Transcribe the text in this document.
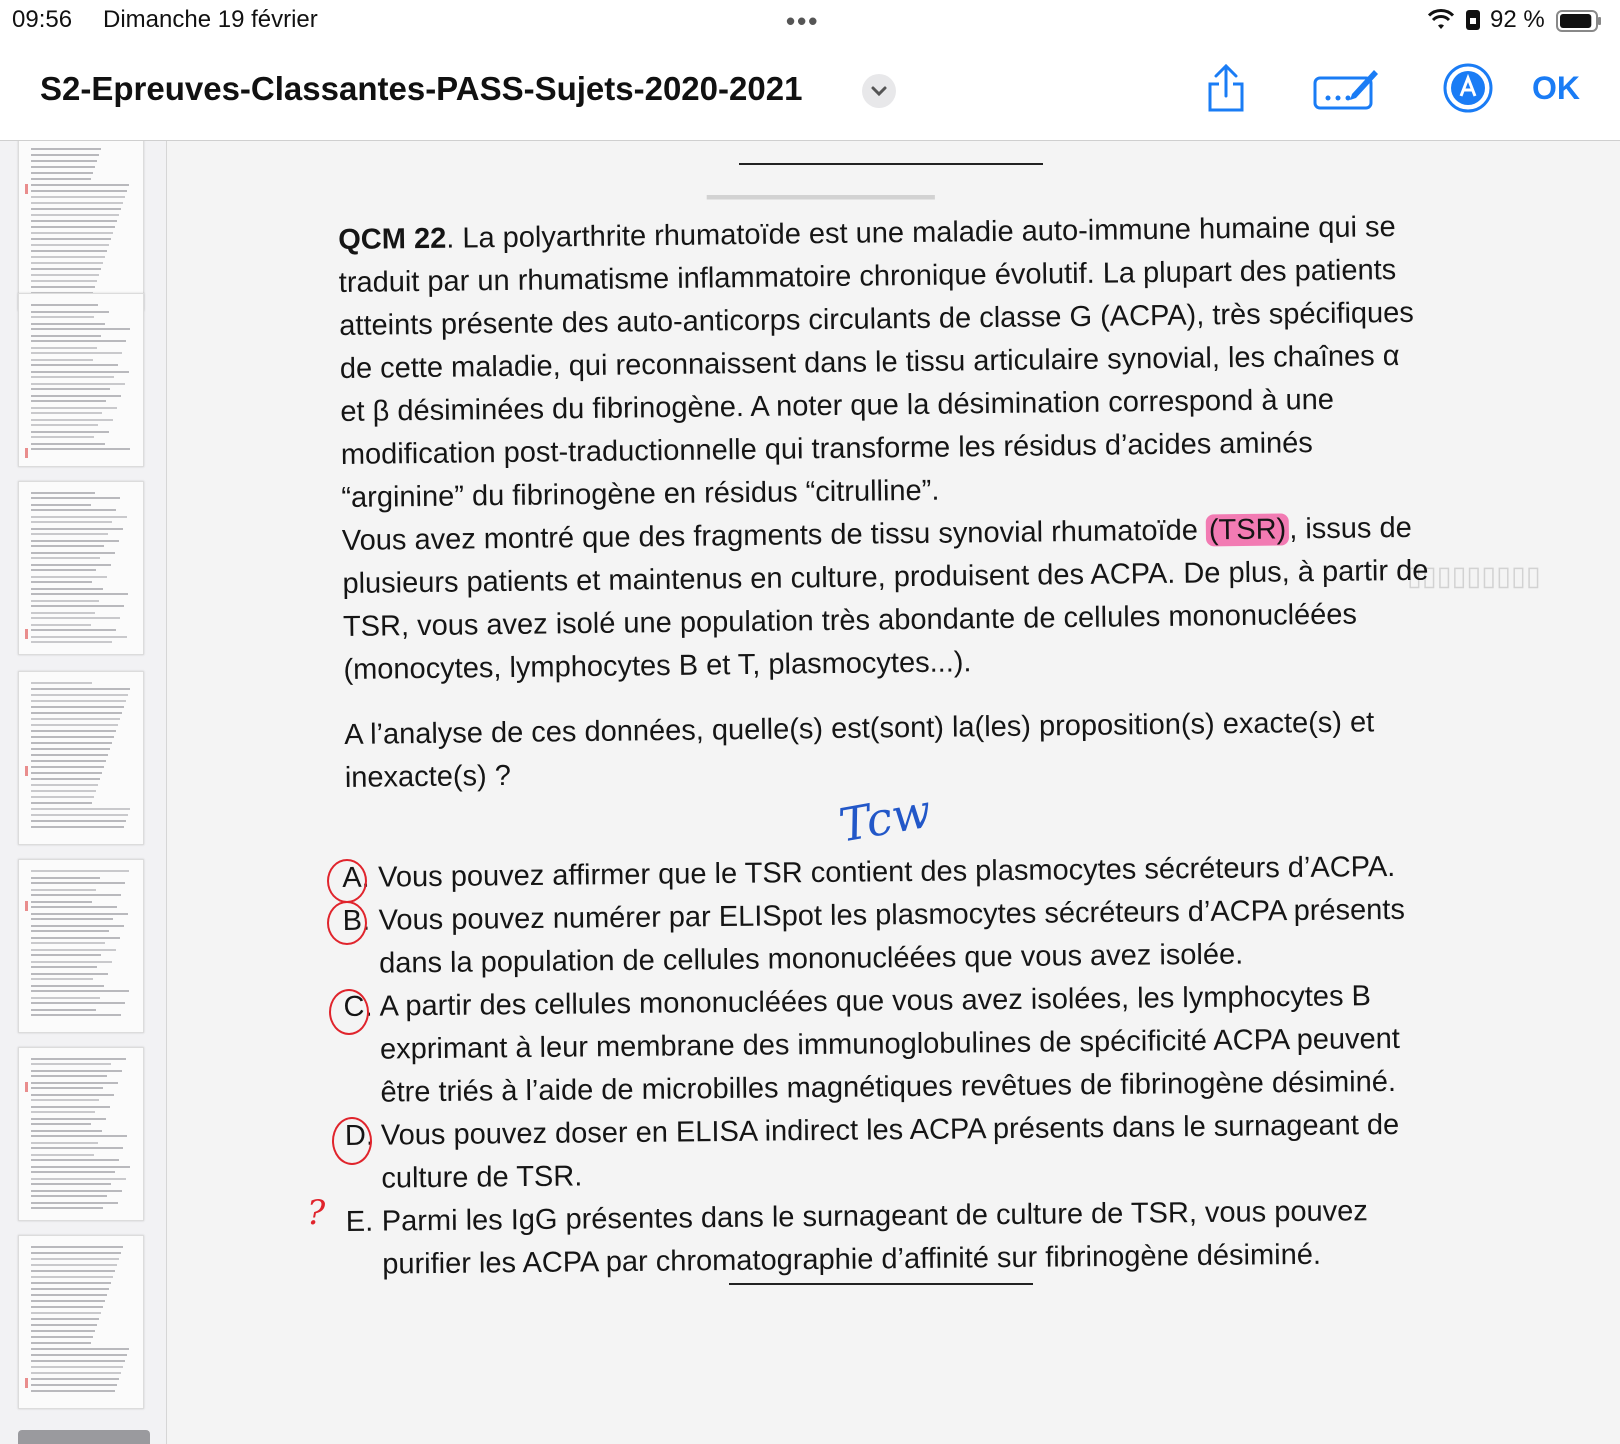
09:56 Dimanche 19 février	•••	92 %
S2-Epreuves-Classantes-PASS-Sujets-2020-2021	OK
━━━━━━━━━━━━━━
▯▯▯▯▯▯▯▯▯

QCM 22. La polyarthrite rhumatoïde est une maladie auto-immune humaine qui se traduit par un rhumatisme inflammatoire chronique évolutif. La plupart des patients atteints présente des auto-anticorps circulants de classe G (ACPA), très spécifiques de cette maladie, qui reconnaissent dans le tissu articulaire synovial, les chaînes α et β désiminées du fibrinogène. A noter que la désimination correspond à une modification post-traductionnelle qui transforme les résidus d’acides aminés “arginine” du fibrinogène en résidus “citrulline”.

Vous avez montré que des fragments de tissu synovial rhumatoïde (TSR), issus de plusieurs patients et maintenus en culture, produisent des ACPA. De plus, à partir de TSR, vous avez isolé une population très abondante de cellules mononucléées (monocytes, lymphocytes B et T, plasmocytes...).

A l’analyse de ces données, quelle(s) est(sont) la(les) proposition(s) exacte(s) et inexacte(s) ?

Tcw
A. Vous pouvez affirmer que le TSR contient des plasmocytes sécréteurs d’ACPA.
B. Vous pouvez numérer par ELISpot les plasmocytes sécréteurs d’ACPA présents dans la population de cellules mononucléées que vous avez isolée.
C. A partir des cellules mononucléées que vous avez isolées, les lymphocytes B exprimant à leur membrane des immunoglobulines de spécificité ACPA peuvent être triés à l’aide de microbilles magnétiques revêtues de fibrinogène désiminé.
D. Vous pouvez doser en ELISA indirect les ACPA présents dans le surnageant de culture de TSR.
E. Parmi les IgG présentes dans le surnageant de culture de TSR, vous pouvez purifier les ACPA par chromatographie d’affinité sur fibrinogène désiminé.
?
